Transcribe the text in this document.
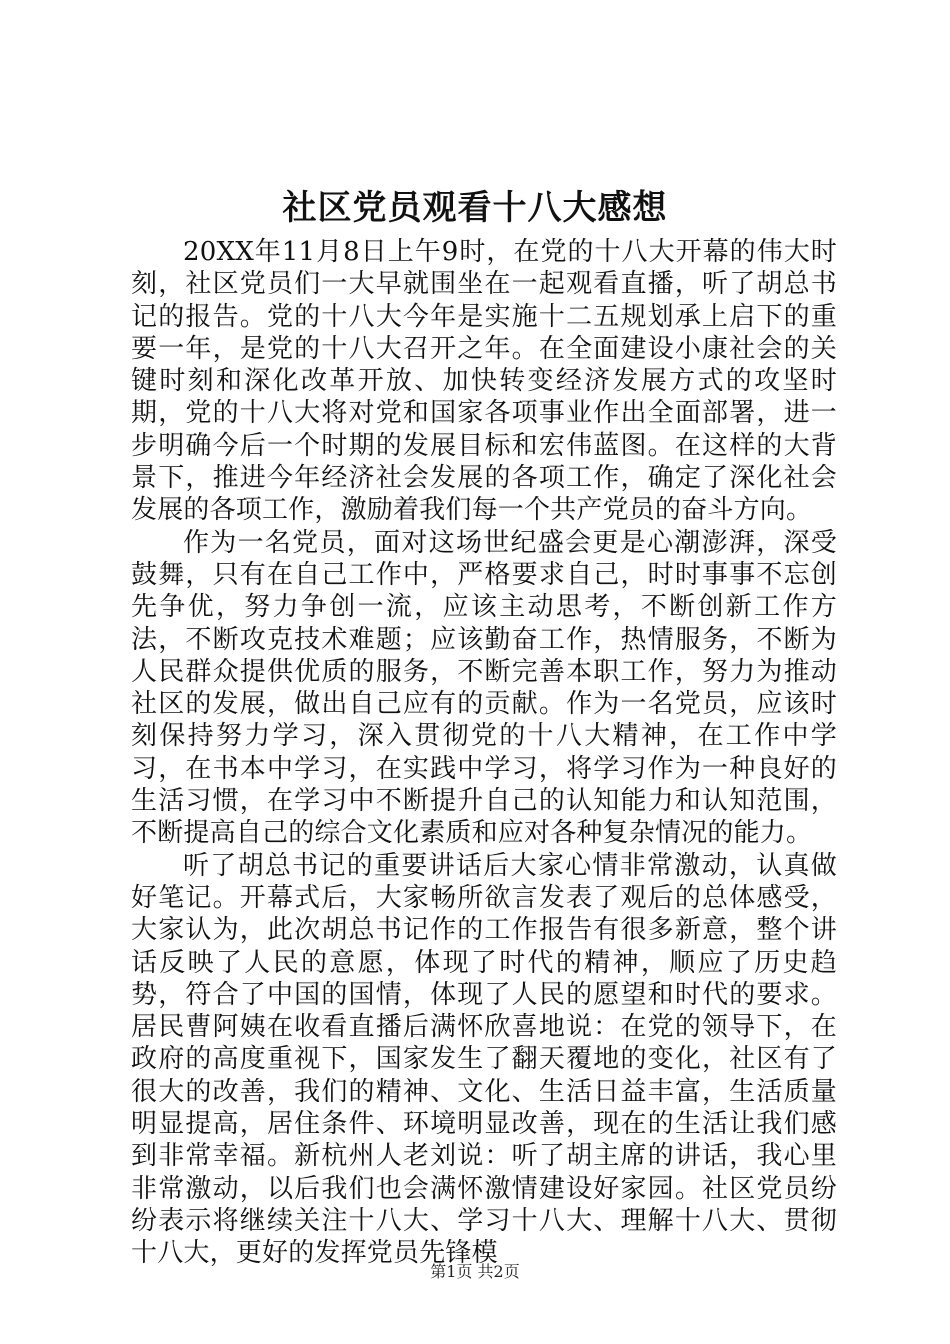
社区党员观看十八大感想

20XX年11月8日上午9时，在党的十八大开幕的伟大时刻，社区党员们一大早就围坐在一起观看直播，听了胡总书记的报告。党的十八大今年是实施十二五规划承上启下的重要一年，是党的十八大召开之年。在全面建设小康社会的关键时刻和深化改革开放、加快转变经济发展方式的攻坚时期，党的十八大将对党和国家各项事业作出全面部署，进一步明确今后一个时期的发展目标和宏伟蓝图。在这样的大背景下，推进今年经济社会发展的各项工作，确定了深化社会发展的各项工作，激励着我们每一个共产党员的奋斗方向。

作为一名党员，面对这场世纪盛会更是心潮澎湃，深受鼓舞，只有在自己工作中，严格要求自己，时时事事不忘创先争优，努力争创一流，应该主动思考，不断创新工作方法，不断攻克技术难题；应该勤奋工作，热情服务，不断为人民群众提供优质的服务，不断完善本职工作，努力为推动社区的发展，做出自己应有的贡献。作为一名党员，应该时刻保持努力学习，深入贯彻党的十八大精神，在工作中学习，在书本中学习，在实践中学习，将学习作为一种良好的生活习惯，在学习中不断提升自己的认知能力和认知范围，不断提高自己的综合文化素质和应对各种复杂情况的能力。

听了胡总书记的重要讲话后大家心情非常激动，认真做好笔记。开幕式后，大家畅所欲言发表了观后的总体感受，大家认为，此次胡总书记作的工作报告有很多新意，整个讲话反映了人民的意愿，体现了时代的精神，顺应了历史趋势，符合了中国的国情，体现了人民的愿望和时代的要求。居民曹阿姨在收看直播后满怀欣喜地说：在党的领导下，在政府的高度重视下，国家发生了翻天覆地的变化，社区有了很大的改善，我们的精神、文化、生活日益丰富，生活质量明显提高，居住条件、环境明显改善，现在的生活让我们感到非常幸福。新杭州人老刘说：听了胡主席的讲话，我心里非常激动，以后我们也会满怀激情建设好家园。社区党员纷纷表示将继续关注十八大、学习十八大、理解十八大、贯彻十八大，更好的发挥党员先锋模

第1页 共2页
